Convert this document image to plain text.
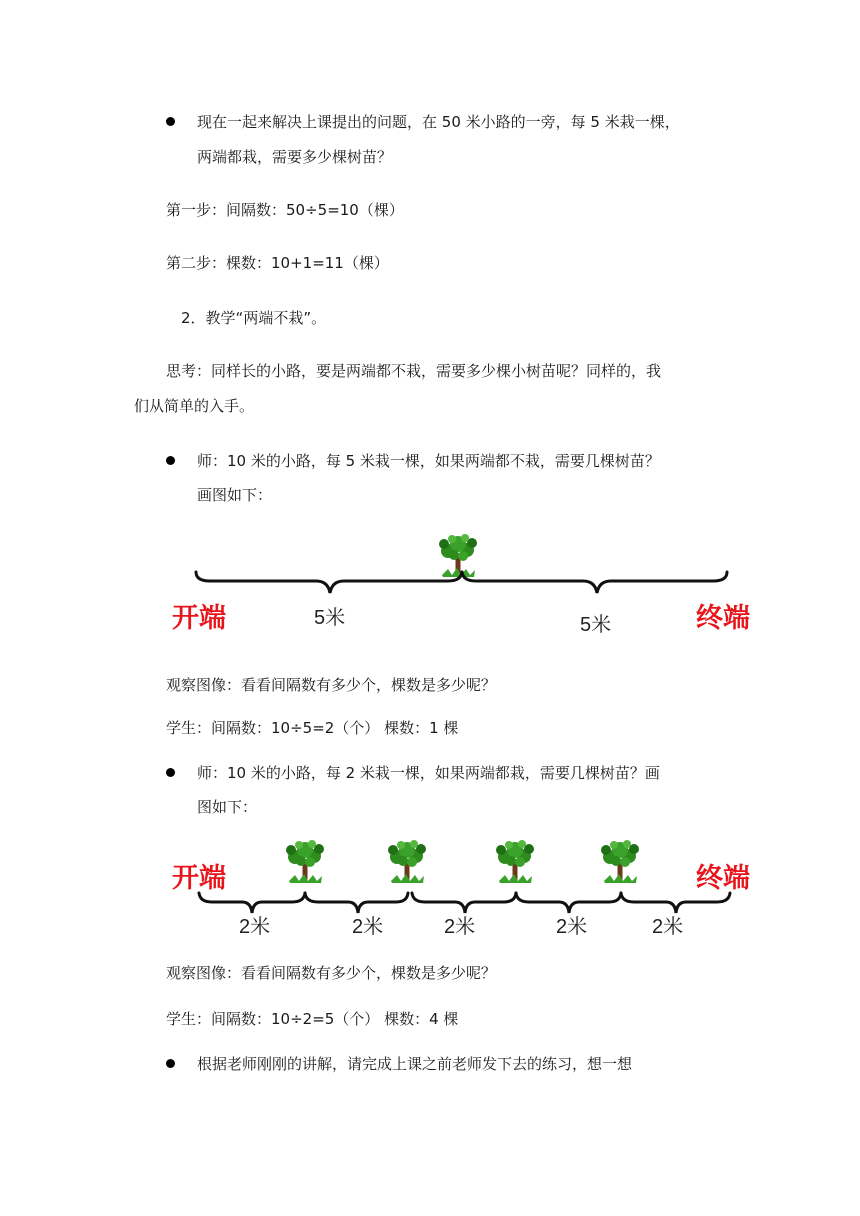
现在一起来解决上课提出的问题，在 50 米小路的一旁，每 5 米栽一棵，
两端都栽，需要多少棵树苗？
第一步：间隔数：50÷5=10（棵）
第二步：棵数：10+1=11（棵）
2．教学“两端不栽”。
思考：同样长的小路，要是两端都不栽，需要多少棵小树苗呢？同样的，我
们从简单的入手。
师：10 米的小路，每 5 米栽一棵，如果两端都不栽，需要几棵树苗？
画图如下：
开端	终端
5米	5米
观察图像：看看间隔数有多少个，棵数是多少呢？
学生：间隔数：10÷5=2（个） 棵数：1 棵
师：10 米的小路，每 2 米栽一棵，如果两端都栽，需要几棵树苗？画
图如下：
开端	终端
2米	2米	2米	2米	2米
观察图像：看看间隔数有多少个，棵数是多少呢？
学生：间隔数：10÷2=5（个） 棵数：4 棵
根据老师刚刚的讲解，请完成上课之前老师发下去的练习，想一想
